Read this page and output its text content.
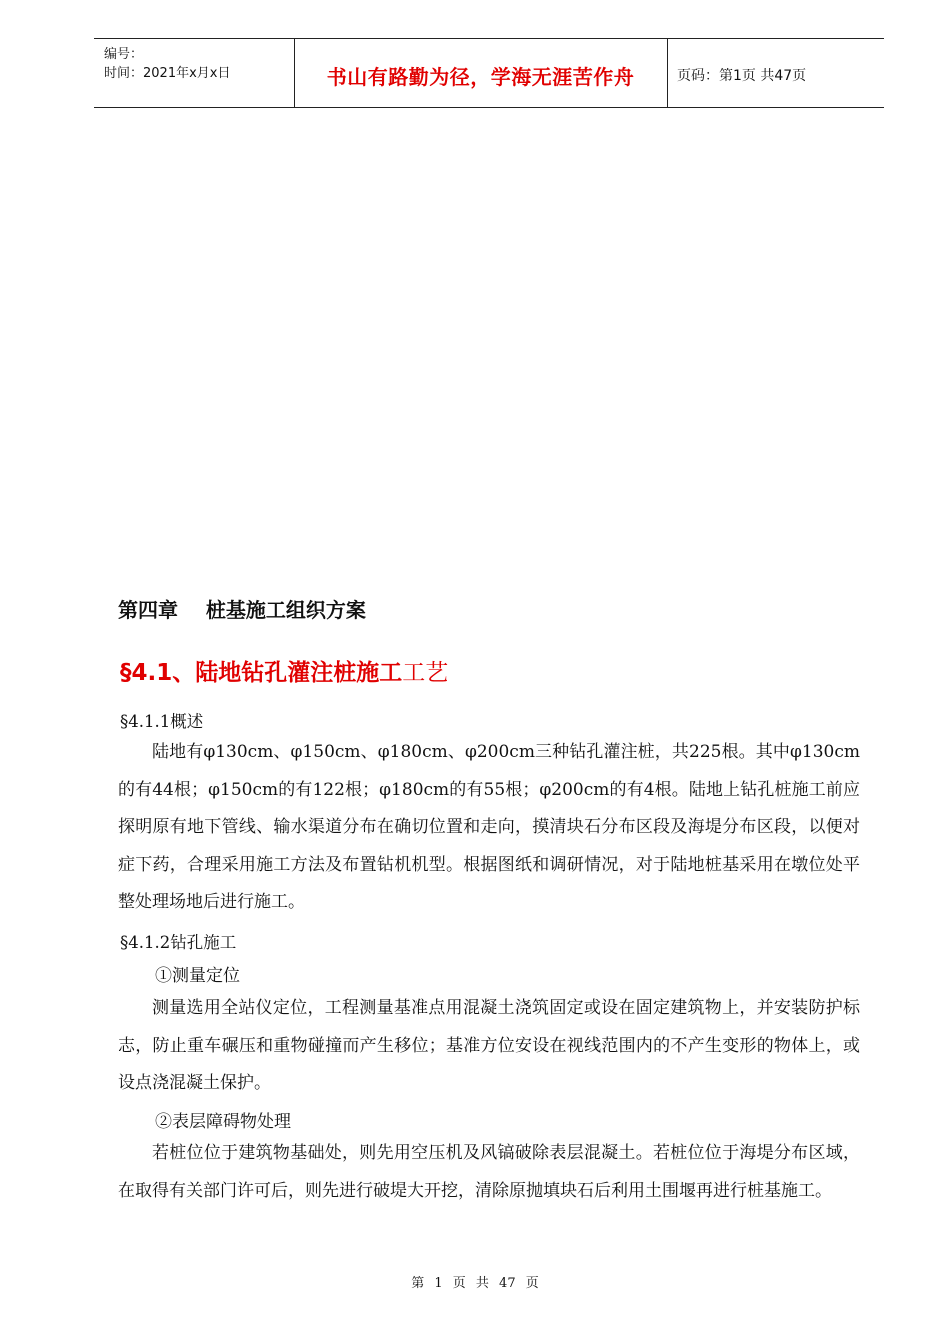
编号：
时间：2021年x月x日	书山有路勤为径，学海无涯苦作舟	页码：第1页 共47页
第四章    桩基施工组织方案
§4.1、陆地钻孔灌注桩施工工艺
§4.1.1概述

陆地有φ130cm、φ150cm、φ180cm、φ200cm三种钻孔灌注桩，共225根。其中φ130cm的有44根；φ150cm的有122根；φ180cm的有55根；φ200cm的有4根。陆地上钻孔桩施工前应探明原有地下管线、输水渠道分布在确切位置和走向，摸清块石分布区段及海堤分布区段，以便对症下药，合理采用施工方法及布置钻机机型。根据图纸和调研情况，对于陆地桩基采用在墩位处平整处理场地后进行施工。

§4.1.2钻孔施工
①测量定位

测量选用全站仪定位，工程测量基准点用混凝土浇筑固定或设在固定建筑物上，并安装防护标志，防止重车碾压和重物碰撞而产生移位；基准方位安设在视线范围内的不产生变形的物体上，或设点浇混凝土保护。

②表层障碍物处理

若桩位位于建筑物基础处，则先用空压机及风镐破除表层混凝土。若桩位位于海堤分布区域，在取得有关部门许可后，则先进行破堤大开挖，清除原抛填块石后利用土围堰再进行桩基施工。

第 1 页 共 47 页
